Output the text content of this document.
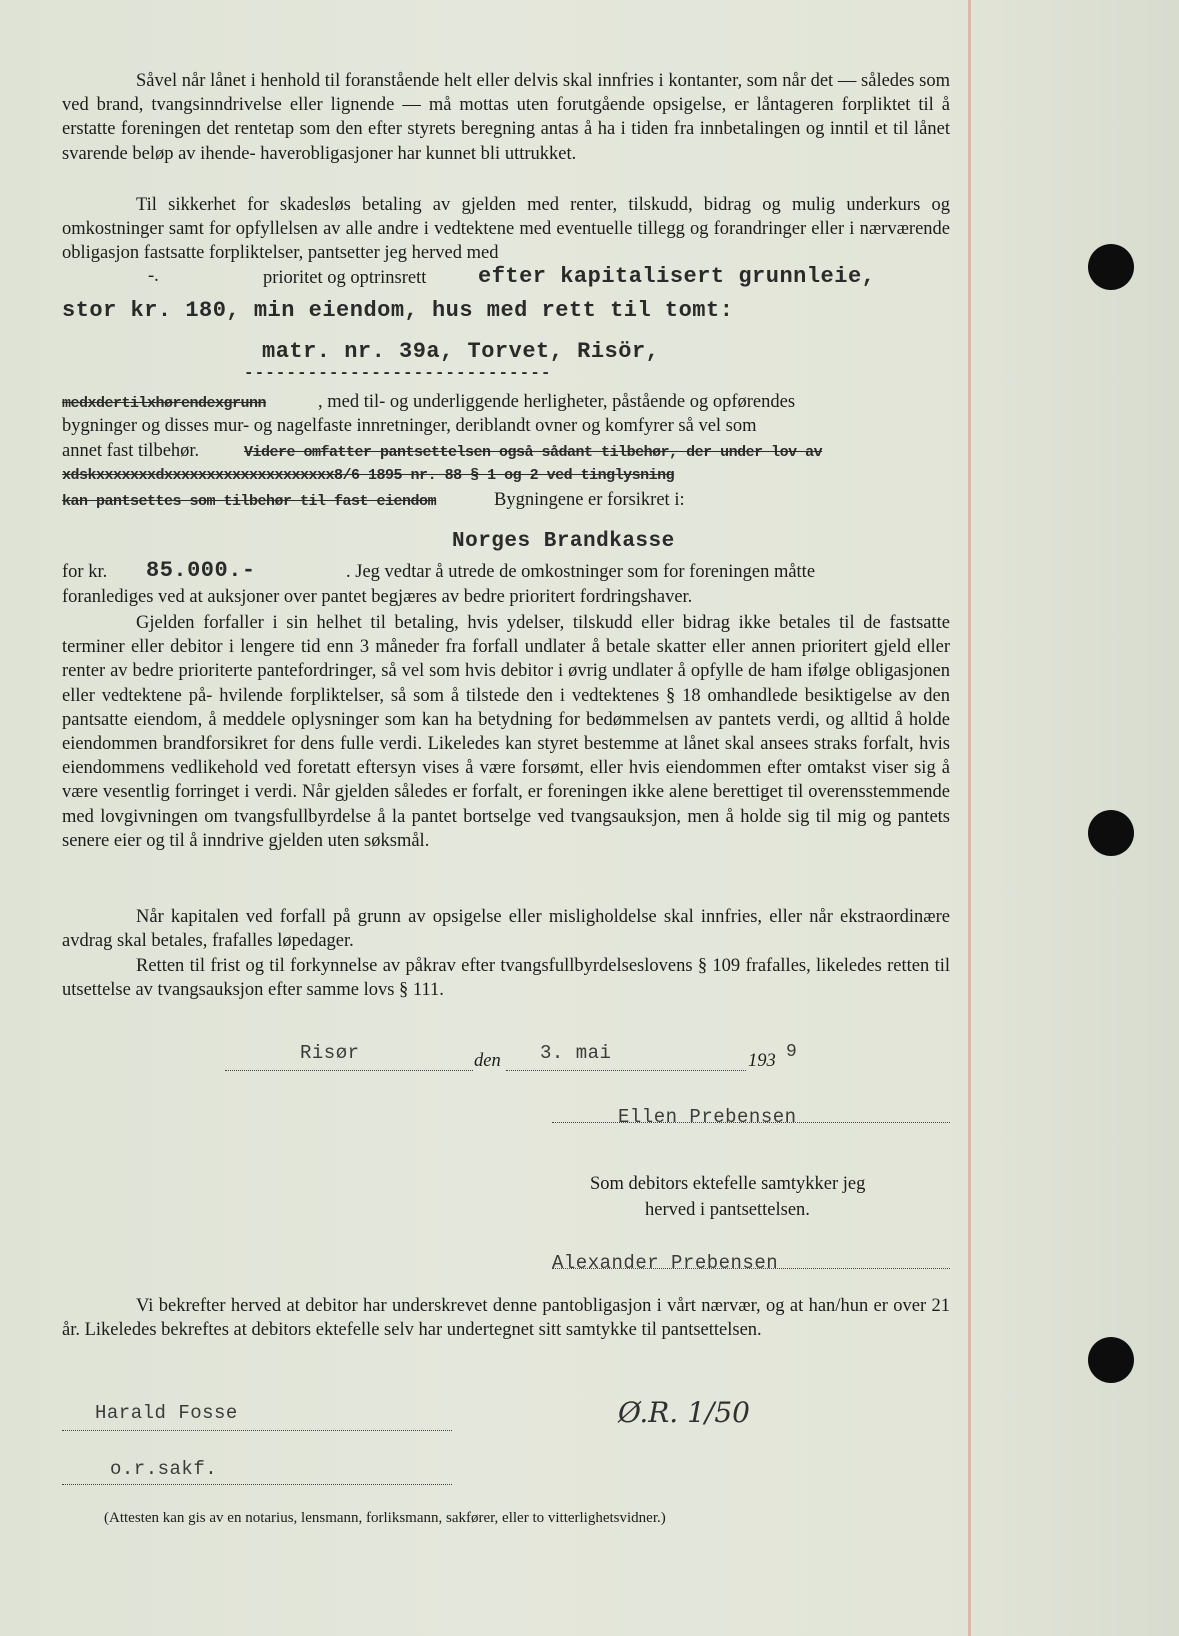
Såvel når lånet i henhold til foranstående helt eller delvis skal innfries i kontanter, som når det — således som ved brand, tvangsinndrivelse eller lignende — må mottas uten forutgående opsigelse, er låntageren forpliktet til å erstatte foreningen det rentetap som den efter styrets beregning antas å ha i tiden fra innbetalingen og inntil et til lånet svarende beløp av ihende- haverobligasjoner har kunnet bli uttrukket.

Til sikkerhet for skadesløs betaling av gjelden med renter, tilskudd, bidrag og mulig underkurs og omkostninger samt for opfyllelsen av alle andre i vedtektene med eventuelle tillegg og forandringer eller i nærværende obligasjon fastsatte forpliktelser, pantsetter jeg herved med

-.	prioritet og optrinsrett efter kapitalisert grunnleie,
stor kr. 180, min eiendom, hus med rett til tomt:
matr. nr. 39a, Torvet, Risör,
-----------------------------
medxdertilxhørendexgrunn	, med til- og underliggende herligheter, påstående og opførendes
bygninger og disses mur- og nagelfaste innretninger, deriblandt ovner og komfyrer så vel som
annet fast tilbehør.	Videre omfatter pantsettelsen også sådant tilbehør, der under lov av
xdskxxxxxxxdxxxxxxxxxxxxxxxxxxxx8/6 1895 nr. 88 § 1 og 2 ved tinglysning
kan pantsettes som tilbehør til fast eiendom	Bygningene er forsikret i:
Norges Brandkasse
for kr. 85.000.-	. Jeg vedtar å utrede de omkostninger som for foreningen måtte
foranlediges ved at auksjoner over pantet begjæres av bedre prioritert fordringshaver.

Gjelden forfaller i sin helhet til betaling, hvis ydelser, tilskudd eller bidrag ikke betales til de fastsatte terminer eller debitor i lengere tid enn 3 måneder fra forfall undlater å betale skatter eller annen prioritert gjeld eller renter av bedre prioriterte pantefordringer, så vel som hvis debitor i øvrig undlater å opfylle de ham ifølge obligasjonen eller vedtektene på- hvilende forpliktelser, så som å tilstede den i vedtektenes § 18 omhandlede besiktigelse av den pantsatte eiendom, å meddele oplysninger som kan ha betydning for bedømmelsen av pantets verdi, og alltid å holde eiendommen brandforsikret for dens fulle verdi. Likeledes kan styret bestemme at lånet skal ansees straks forfalt, hvis eiendommens vedlikehold ved foretatt eftersyn vises å være forsømt, eller hvis eiendommen efter omtakst viser sig å være vesentlig forringet i verdi. Når gjelden således er forfalt, er foreningen ikke alene berettiget til overensstemmende med lovgivningen om tvangsfullbyrdelse å la pantet bortselge ved tvangsauksjon, men å holde sig til mig og pantets senere eier og til å inndrive gjelden uten søksmål.

Når kapitalen ved forfall på grunn av opsigelse eller misligholdelse skal innfries, eller når ekstraordinære avdrag skal betales, frafalles løpedager.

Retten til frist og til forkynnelse av påkrav efter tvangsfullbyrdelseslovens § 109 frafalles, likeledes retten til utsettelse av tvangsauksjon efter samme lovs § 111.

Risør	den 3. mai	193 9
Ellen Prebensen
Som debitors ektefelle samtykker jeg
herved i pantsettelsen.
Alexander Prebensen

Vi bekrefter herved at debitor har underskrevet denne pantobligasjon i vårt nærvær, og at han/hun er over 21 år. Likeledes bekreftes at debitors ektefelle selv har undertegnet sitt samtykke til pantsettelsen.

Harald Fosse	Ø.R. 1/50
o.r.sakf.
(Attesten kan gis av en notarius, lensmann, forliksmann, sakfører, eller to vitterlighetsvidner.)
